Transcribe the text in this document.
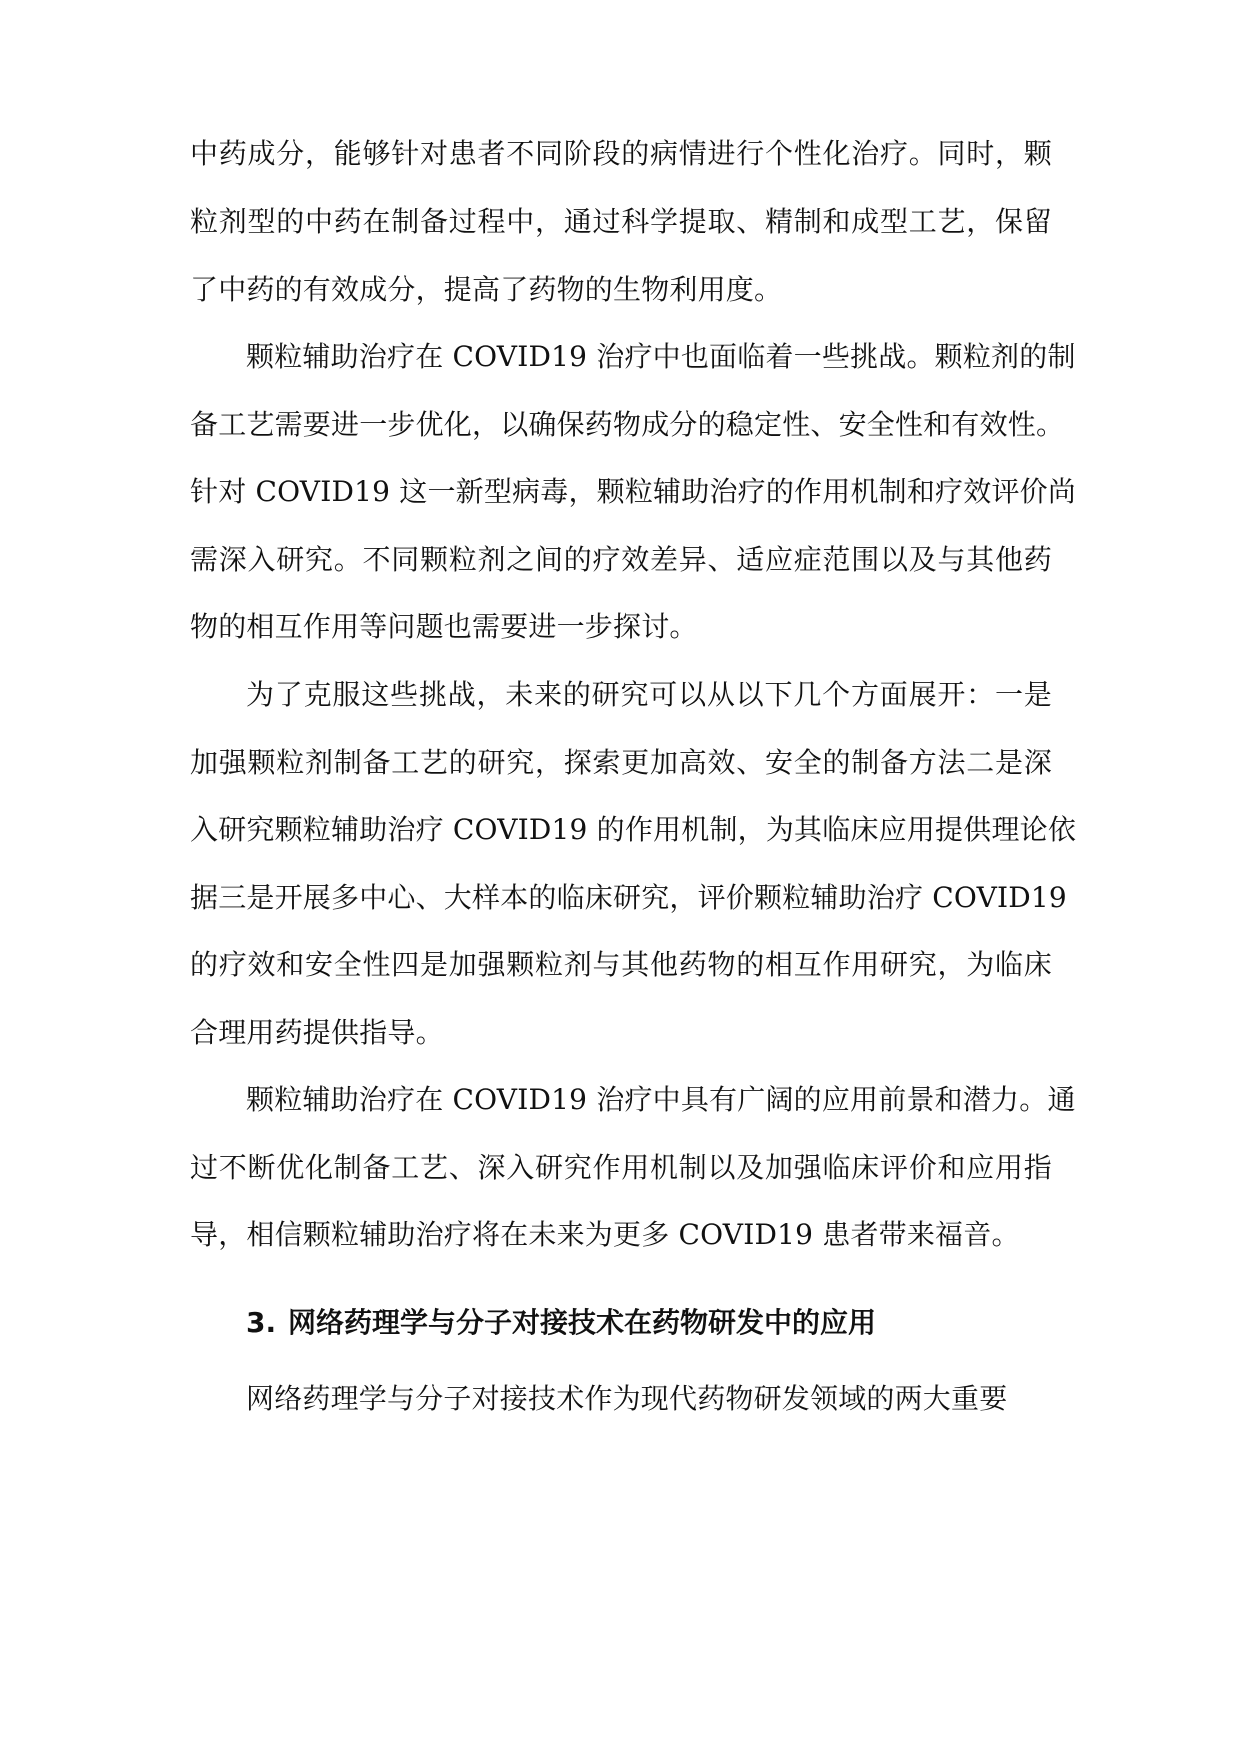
中药成分，能够针对患者不同阶段的病情进行个性化治疗。同时，颗
粒剂型的中药在制备过程中，通过科学提取、精制和成型工艺，保留
了中药的有效成分，提高了药物的生物利用度。
颗粒辅助治疗在 COVID19 治疗中也面临着一些挑战。颗粒剂的制
备工艺需要进一步优化，以确保药物成分的稳定性、安全性和有效性。
针对 COVID19 这一新型病毒，颗粒辅助治疗的作用机制和疗效评价尚
需深入研究。不同颗粒剂之间的疗效差异、适应症范围以及与其他药
物的相互作用等问题也需要进一步探讨。
为了克服这些挑战，未来的研究可以从以下几个方面展开：一是
加强颗粒剂制备工艺的研究，探索更加高效、安全的制备方法二是深
入研究颗粒辅助治疗 COVID19 的作用机制，为其临床应用提供理论依
据三是开展多中心、大样本的临床研究，评价颗粒辅助治疗 COVID19
的疗效和安全性四是加强颗粒剂与其他药物的相互作用研究，为临床
合理用药提供指导。
颗粒辅助治疗在 COVID19 治疗中具有广阔的应用前景和潜力。通
过不断优化制备工艺、深入研究作用机制以及加强临床评价和应用指
导，相信颗粒辅助治疗将在未来为更多 COVID19 患者带来福音。
3. 网络药理学与分子对接技术在药物研发中的应用
网络药理学与分子对接技术作为现代药物研发领域的两大重要
